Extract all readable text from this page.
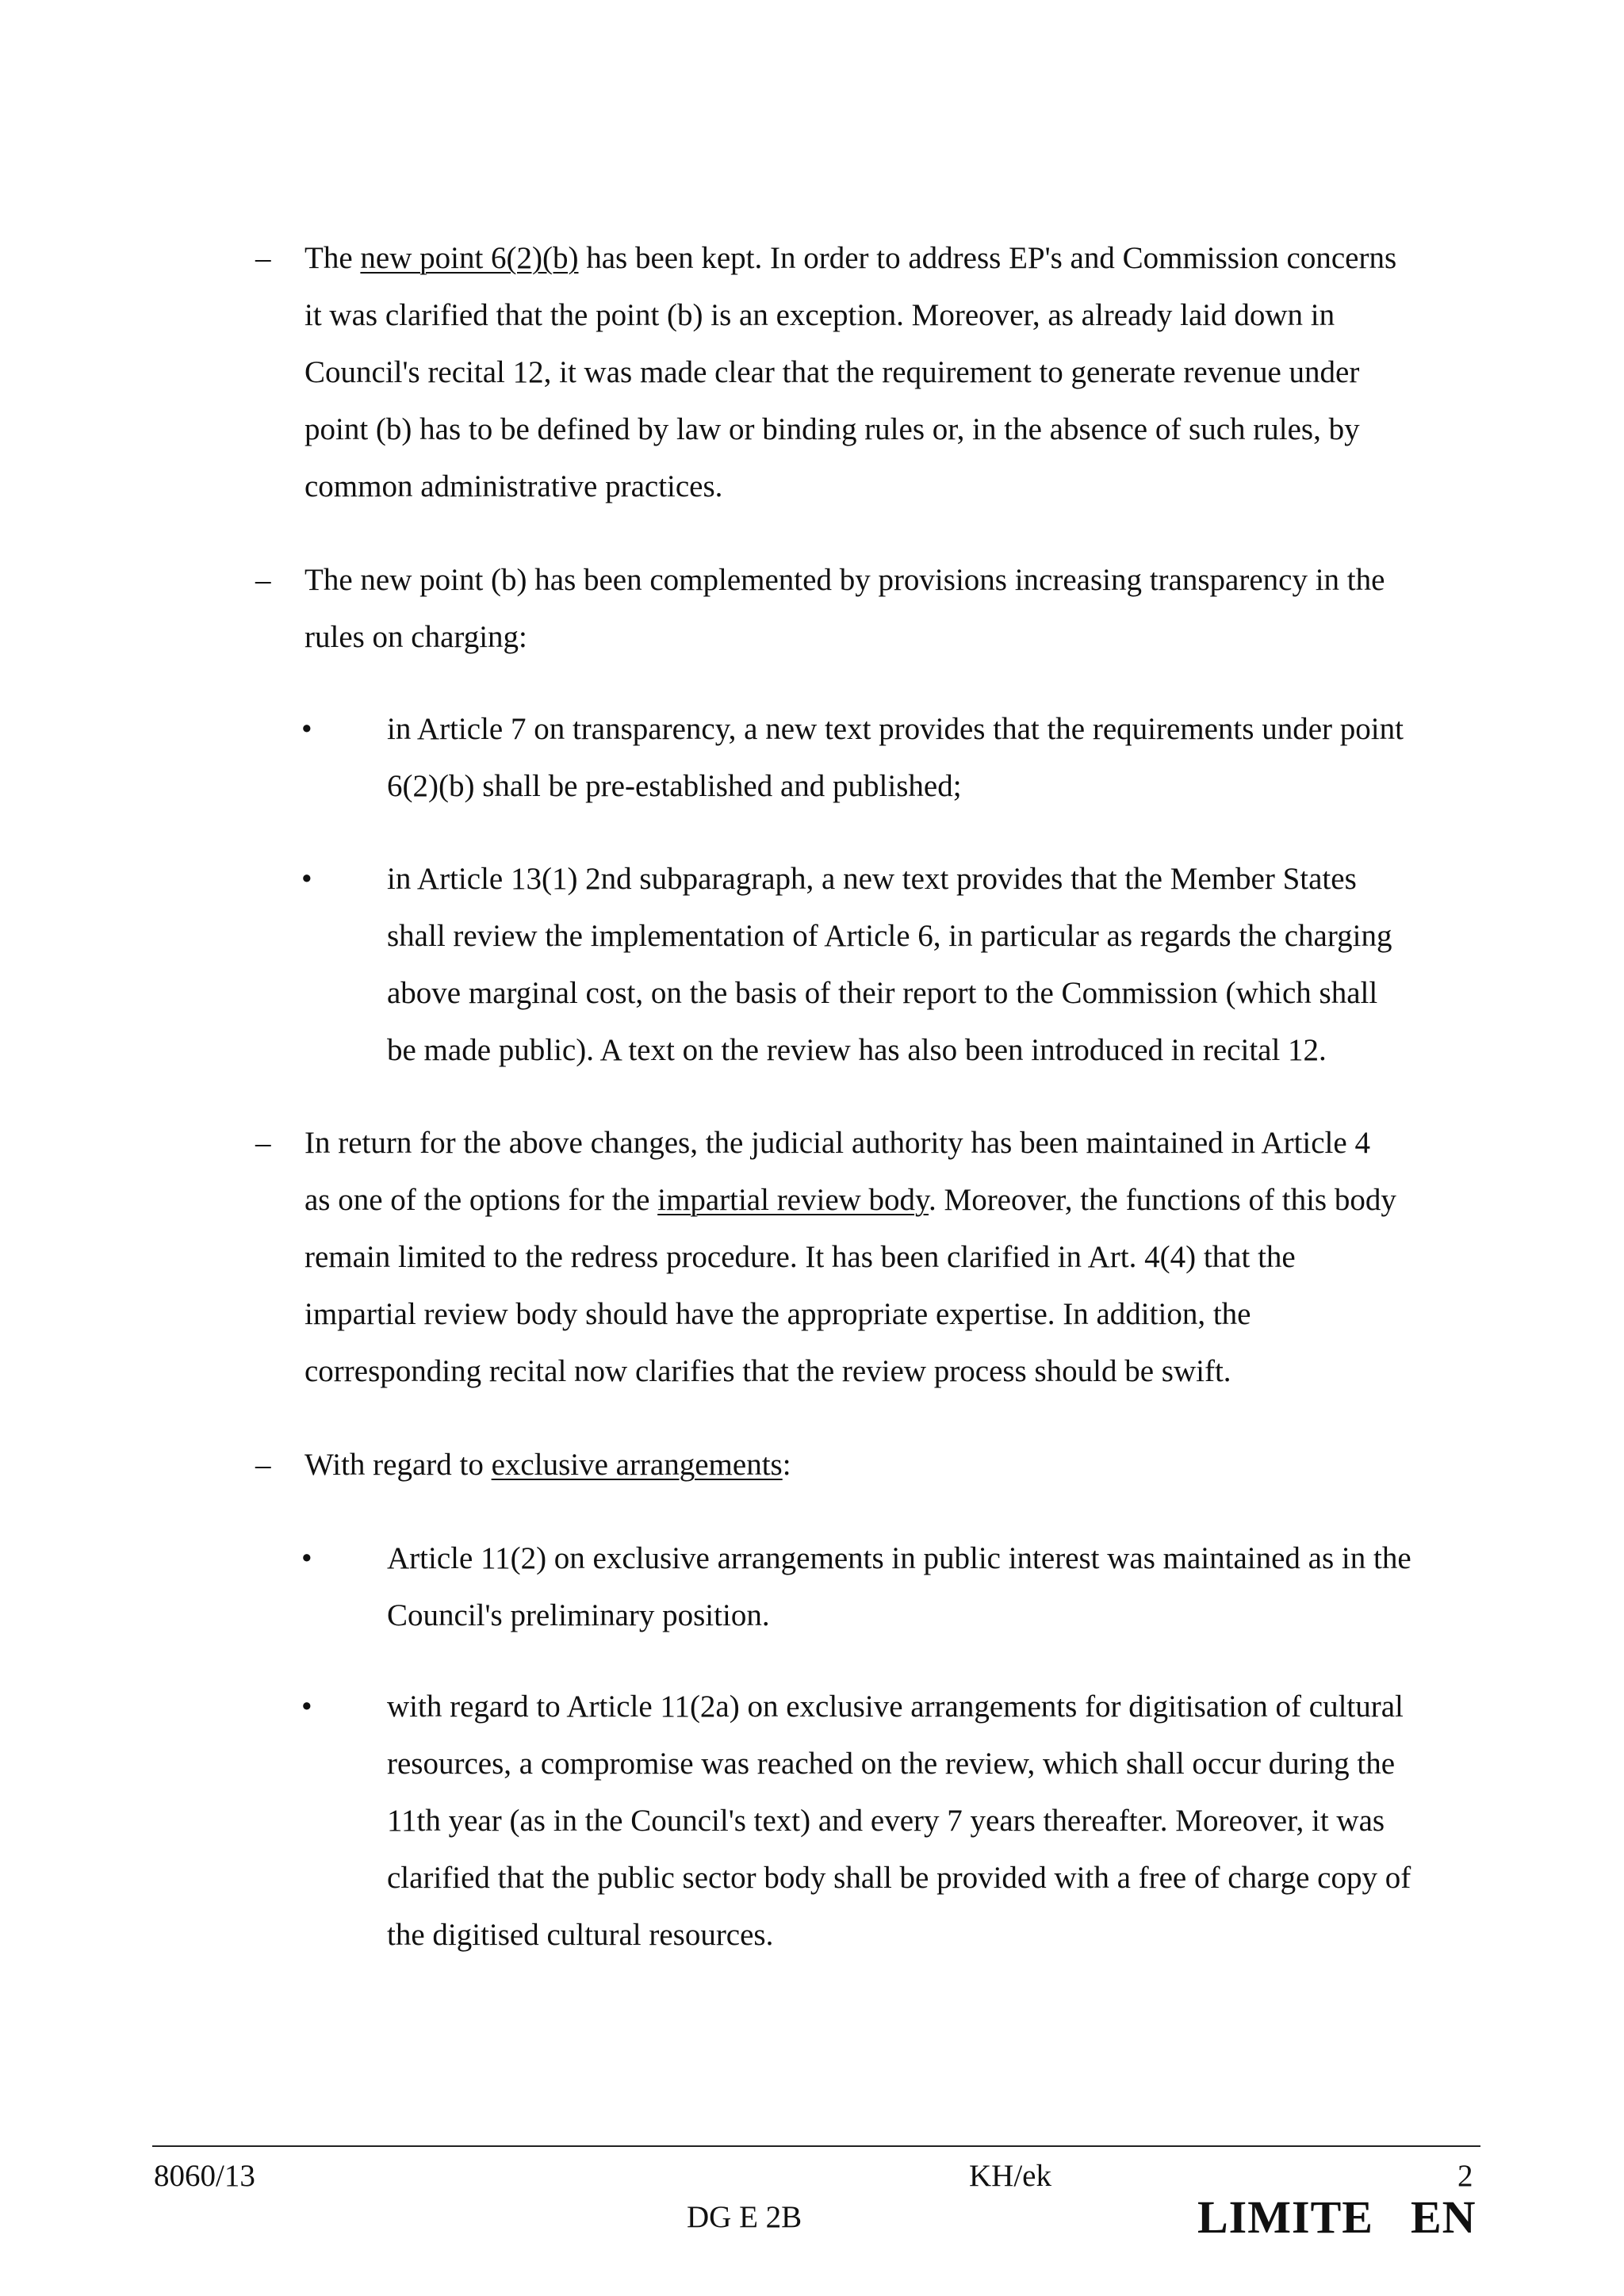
– The new point 6(2)(b) has been kept. In order to address EP's and Commission concerns
it was clarified that the point (b) is an exception. Moreover, as already laid down in
Council's recital 12, it was made clear that the requirement to generate revenue under
point (b) has to be defined by law or binding rules or, in the absence of such rules, by
common administrative practices.
– The new point (b) has been complemented by provisions increasing transparency in the
rules on charging:
• in Article 7 on transparency, a new text provides that the requirements under point
6(2)(b) shall be pre-established and published;
• in Article 13(1) 2nd subparagraph, a new text provides that the Member States
shall review the implementation of Article 6, in particular as regards the charging
above marginal cost, on the basis of their report to the Commission (which shall
be made public). A text on the review has also been introduced in recital 12.
– In return for the above changes, the judicial authority has been maintained in Article 4
as one of the options for the impartial review body. Moreover, the functions of this body
remain limited to the redress procedure. It has been clarified in Art. 4(4) that the
impartial review body should have the appropriate expertise. In addition, the
corresponding recital now clarifies that the review process should be swift.
– With regard to exclusive arrangements:
• Article 11(2) on exclusive arrangements in public interest was maintained as in the
Council's preliminary position.
• with regard to Article 11(2a) on exclusive arrangements for digitisation of cultural
resources, a compromise was reached on the review, which shall occur during the
11th year (as in the Council's text) and every 7 years thereafter. Moreover, it was
clarified that the public sector body shall be provided with a free of charge copy of
the digitised cultural resources.
8060/13	KH/ek	2
DG E 2B	LIMITE EN
